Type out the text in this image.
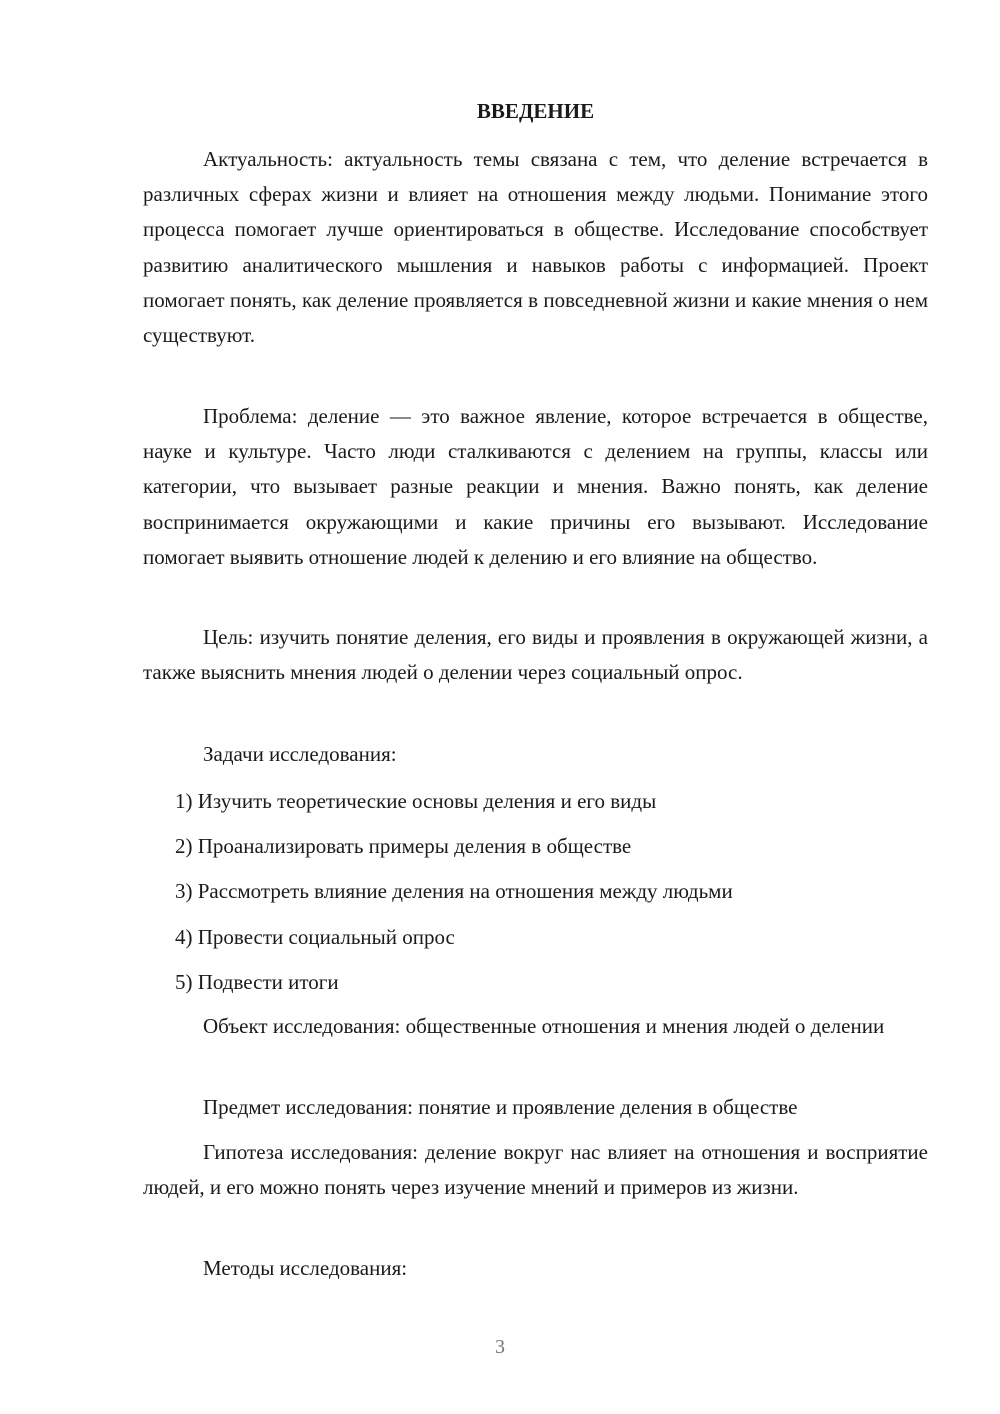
ВВЕДЕНИЕ

Актуальность: актуальность темы связана с тем, что деление встречается в различных сферах жизни и влияет на отношения между людьми. Понимание этого процесса помогает лучше ориентироваться в обществе. Исследование способствует развитию аналитического мышления и навыков работы с информацией. Проект помогает понять, как деление проявляется в повседневной жизни и какие мнения о нем существуют.

Проблема: деление — это важное явление, которое встречается в обществе, науке и культуре. Часто люди сталкиваются с делением на группы, классы или категории, что вызывает разные реакции и мнения. Важно понять, как деление воспринимается окружающими и какие причины его вызывают. Исследование помогает выявить отношение людей к делению и его влияние на общество.

Цель: изучить понятие деления, его виды и проявления в окружающей жизни, а также выяснить мнения людей о делении через социальный опрос.

Задачи исследования:

1) Изучить теоретические основы деления и его виды
2) Проанализировать примеры деления в обществе
3) Рассмотреть влияние деления на отношения между людьми
4) Провести социальный опрос
5) Подвести итоги

Объект исследования: общественные отношения и мнения людей о делении

Предмет исследования: понятие и проявление деления в обществе

Гипотеза исследования: деление вокруг нас влияет на отношения и восприятие людей, и его можно понять через изучение мнений и примеров из жизни.

Методы исследования:

3
